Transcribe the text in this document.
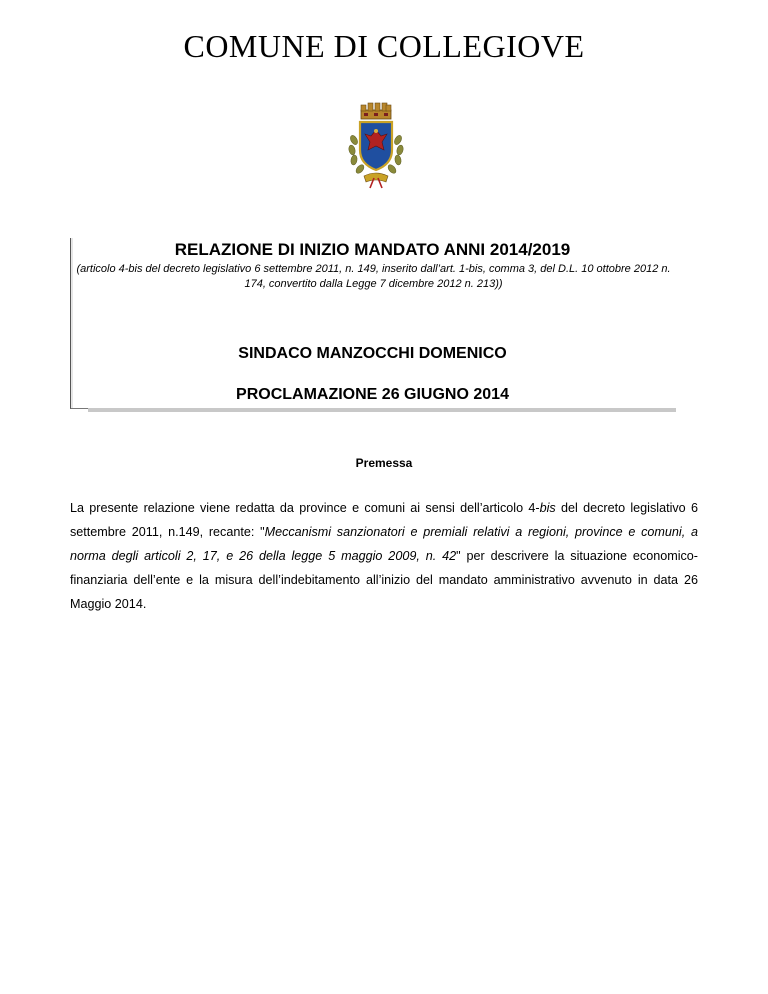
COMUNE DI COLLEGIOVE
RELAZIONE DI INIZIO MANDATO ANNI 2014/2019
(articolo 4-bis del decreto legislativo 6 settembre 2011, n. 149, inserito dall’art. 1-bis, comma 3, del D.L. 10 ottobre 2012 n. 174, convertito dalla Legge 7 dicembre 2012 n. 213))
SINDACO MANZOCCHI DOMENICO
PROCLAMAZIONE 26 GIUGNO 2014
Premessa
La presente relazione viene redatta da province e comuni ai sensi dell’articolo 4-bis del decreto legislativo 6 settembre 2011, n.149, recante: "Meccanismi sanzionatori e premiali relativi a regioni, province e comuni, a norma degli articoli 2, 17, e 26 della legge 5 maggio 2009, n. 42" per descrivere la situazione economico-finanziaria dell’ente e la misura dell’indebitamento all’inizio del mandato amministrativo avvenuto in data 26 Maggio 2014.
